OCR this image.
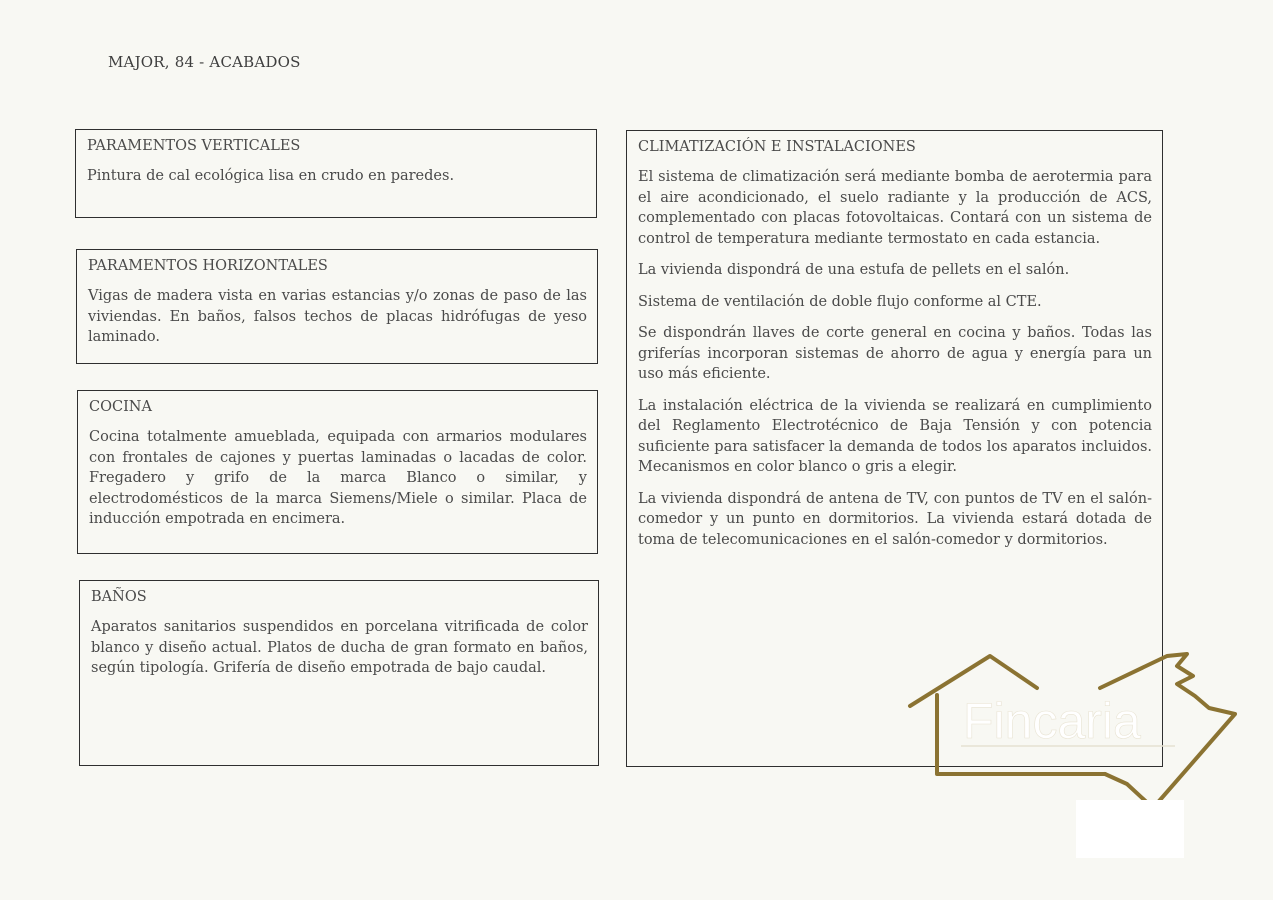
MAJOR, 84 - ACABADOS
PARAMENTOS VERTICALES

Pintura de cal ecológica lisa en crudo en paredes.

PARAMENTOS HORIZONTALES

Vigas de madera vista en varias estancias y/o zonas de paso de las viviendas. En baños, falsos techos de placas hidrófugas de yeso laminado.

COCINA

Cocina totalmente amueblada, equipada con armarios modulares con frontales de cajones y puertas laminadas o lacadas de color. Fregadero y grifo de la marca Blanco o similar, y electrodomésticos de la marca Siemens/Miele o similar. Placa de inducción empotrada en encimera.

BAÑOS

Aparatos sanitarios suspendidos en porcelana vitrificada de color blanco y diseño actual. Platos de ducha de gran formato en baños, según tipología. Grifería de diseño empotrada de bajo caudal.

CLIMATIZACIÓN E INSTALACIONES

El sistema de climatización será mediante bomba de aerotermia para el aire acondicionado, el suelo radiante y la producción de ACS, complementado con placas fotovoltaicas. Contará con un sistema de control de temperatura mediante termostato en cada estancia.

La vivienda dispondrá de una estufa de pellets en el salón.

Sistema de ventilación de doble flujo conforme al CTE.

Se dispondrán llaves de corte general en cocina y baños. Todas las griferías incorporan sistemas de ahorro de agua y energía para un uso más eficiente.

La instalación eléctrica de la vivienda se realizará en cumplimiento del Reglamento Electrotécnico de Baja Tensión y con potencia suficiente para satisfacer la demanda de todos los aparatos incluidos. Mecanismos en color blanco o gris a elegir.

La vivienda dispondrá de antena de TV, con puntos de TV en el salón-comedor y un punto en dormitorios. La vivienda estará dotada de toma de telecomunicaciones en el salón-comedor y dormitorios.

Fincaria
